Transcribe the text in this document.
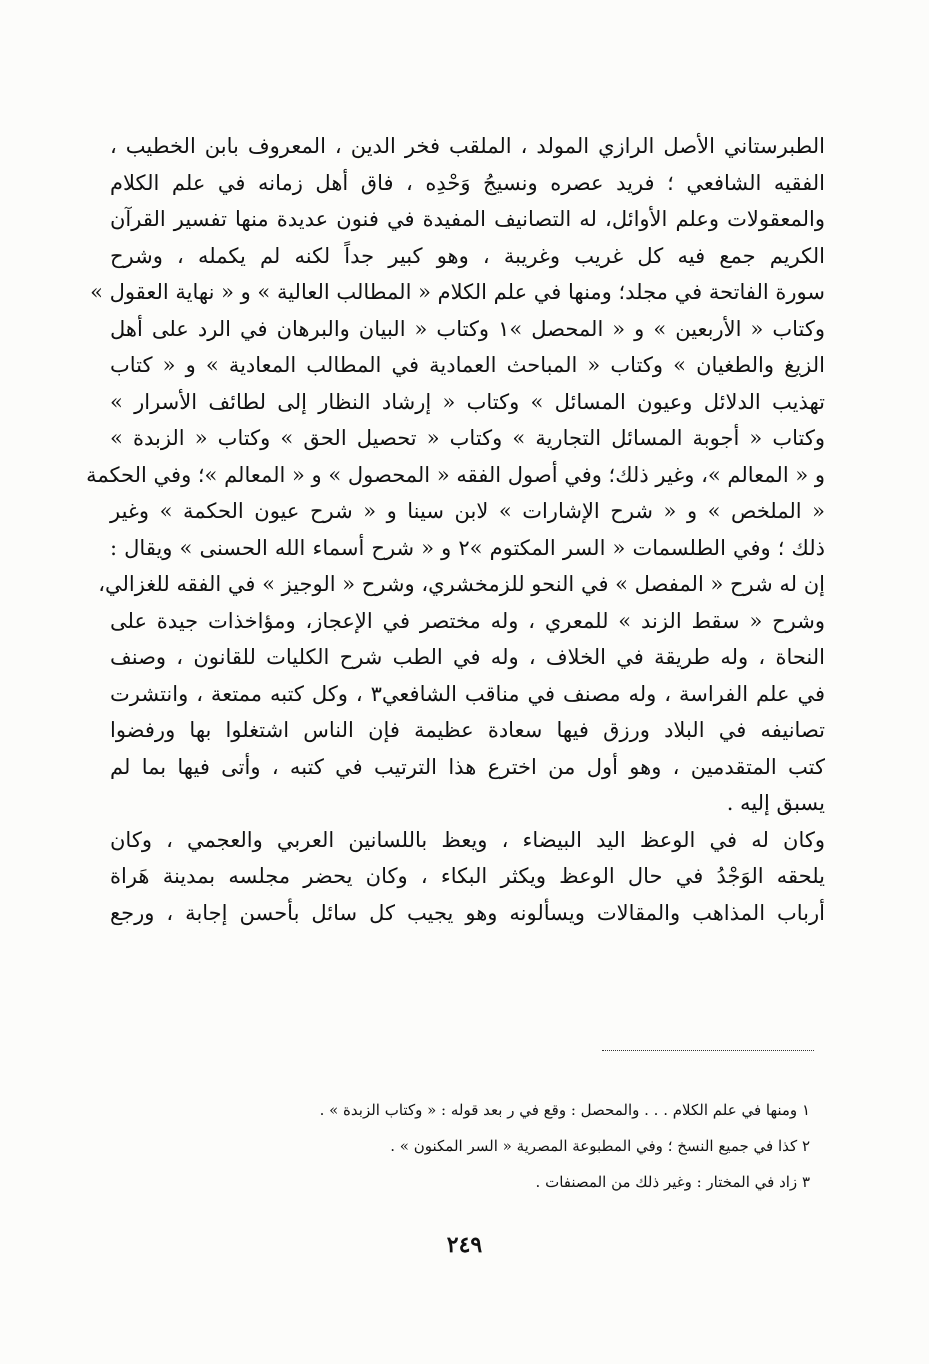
الطبرستاني الأصل الرازي المولد ، الملقب فخر الدين ، المعروف بابن الخطيب ،
الفقيه الشافعي ؛ فريد عصره ونسيجُ وَحْدِه ، فاق أهل زمانه في علم الكلام
والمعقولات وعلم الأوائل، له التصانيف المفيدة في فنون عديدة منها تفسير القرآن
الكريم جمع فيه كل غريب وغريبة ، وهو كبير جداً لكنه لم يكمله ، وشرح
سورة الفاتحة في مجلد؛ ومنها في علم الكلام « المطالب العالية » و « نهاية العقول »
وكتاب « الأربعين » و « المحصل »١ وكتاب « البيان والبرهان في الرد على أهل
الزيغ والطغيان » وكتاب « المباحث العمادية في المطالب المعادية » و « كتاب
تهذيب الدلائل وعيون المسائل » وكتاب « إرشاد النظار إلى لطائف الأسرار »
وكتاب « أجوبة المسائل التجارية » وكتاب « تحصيل الحق » وكتاب « الزبدة »
و « المعالم »، وغير ذلك؛ وفي أصول الفقه « المحصول » و « المعالم »؛ وفي الحكمة
« الملخص » و « شرح الإشارات » لابن سينا و « شرح عيون الحكمة » وغير
ذلك ؛ وفي الطلسمات « السر المكتوم »٢ و « شرح أسماء الله الحسنى » ويقال :
إن له شرح « المفصل » في النحو للزمخشري، وشرح « الوجيز » في الفقه للغزالي،
وشرح « سقط الزند » للمعري ، وله مختصر في الإعجاز، ومؤاخذات جيدة على
النحاة ، وله طريقة في الخلاف ، وله في الطب شرح الكليات للقانون ، وصنف
في علم الفراسة ، وله مصنف في مناقب الشافعي٣ ، وكل كتبه ممتعة ، وانتشرت
تصانيفه في البلاد ورزق فيها سعادة عظيمة فإن الناس اشتغلوا بها ورفضوا
كتب المتقدمين ، وهو أول من اخترع هذا الترتيب في كتبه ، وأتى فيها بما لم
يسبق إليه .
وكان له في الوعظ اليد البيضاء ، ويعظ باللسانين العربي والعجمي ، وكان
يلحقه الوَجْدُ في حال الوعظ ويكثر البكاء ، وكان يحضر مجلسه بمدينة هَراة
أرباب المذاهب والمقالات ويسألونه وهو يجيب كل سائل بأحسن إجابة ، ورجع
١ ومنها في علم الكلام . . . والمحصل : وقع في ر بعد قوله : « وكتاب الزبدة » .
٢ كذا في جميع النسخ ؛ وفي المطبوعة المصرية « السر المكنون » .
٣ زاد في المختار : وغير ذلك من المصنفات .
٢٤٩
